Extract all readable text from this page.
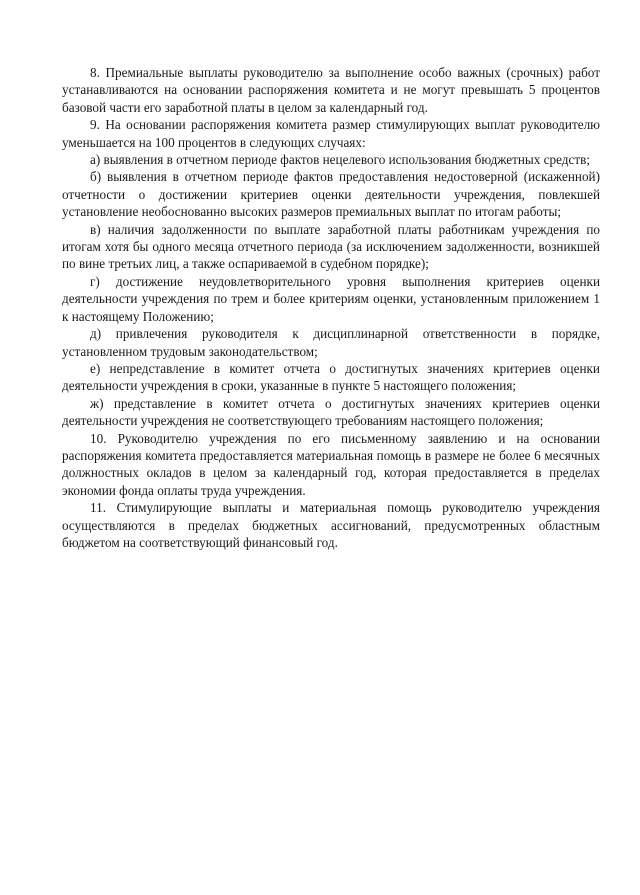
8. Премиальные выплаты руководителю за выполнение особо важных (срочных) работ устанавливаются на основании распоряжения комитета и не могут превышать 5 процентов базовой части его заработной платы в целом за календарный год.

9. На основании распоряжения комитета размер стимулирующих выплат руководителю уменьшается на 100 процентов в следующих случаях:

а) выявления в отчетном периоде фактов нецелевого использования бюджетных средств;

б) выявления в отчетном периоде фактов предоставления недостоверной (искаженной) отчетности о достижении критериев оценки деятельности учреждения, повлекшей установление необоснованно высоких размеров премиальных выплат по итогам работы;

в) наличия задолженности по выплате заработной платы работникам учреждения по итогам хотя бы одного месяца отчетного периода (за исключением задолженности, возникшей по вине третьих лиц, а также оспариваемой в судебном порядке);

г) достижение неудовлетворительного уровня выполнения критериев оценки деятельности учреждения по трем и более критериям оценки, установленным приложением 1 к настоящему Положению;

д) привлечения руководителя к дисциплинарной ответственности в порядке, установленном трудовым законодательством;

е) непредставление в комитет отчета о достигнутых значениях критериев оценки деятельности учреждения в сроки, указанные в пункте 5 настоящего положения;

ж) представление в комитет отчета о достигнутых значениях критериев оценки деятельности учреждения не соответствующего требованиям настоящего положения;

10. Руководителю учреждения по его письменному заявлению и на основании распоряжения комитета предоставляется материальная помощь в размере не более 6 месячных должностных окладов в целом за календарный год, которая предоставляется в пределах экономии фонда оплаты труда учреждения.

11. Стимулирующие выплаты и материальная помощь руководителю учреждения осуществляются в пределах бюджетных ассигнований, предусмотренных областным бюджетом на соответствующий финансовый год.
